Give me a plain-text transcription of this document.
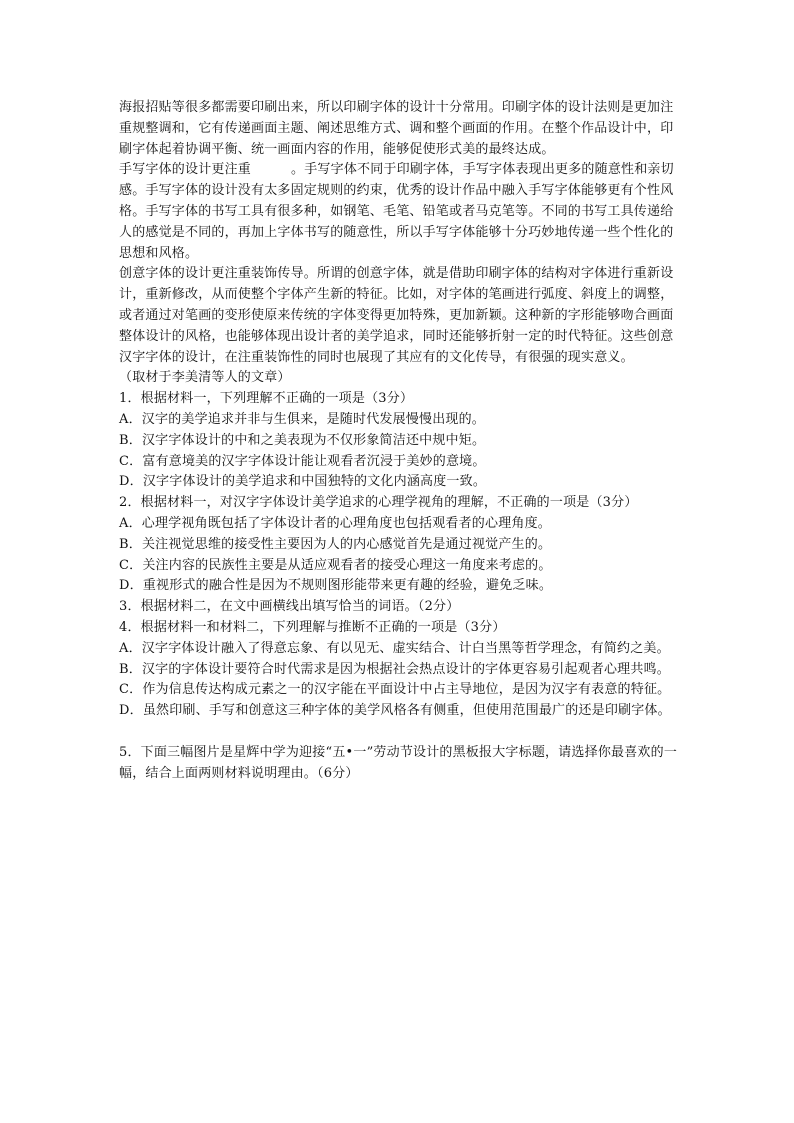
海报招贴等很多都需要印刷出来，所以印刷字体的设计十分常用。印刷字体的设计法则是更加注重规整调和，它有传递画面主题、阐述思维方式、调和整个画面的作用。在整个作品设计中，印刷字体起着协调平衡、统一画面内容的作用，能够促使形式美的最终达成。

手写字体的设计更注重	。手写字体不同于印刷字体，手写字体表现出更多的随意性和亲切感。手写字体的设计没有太多固定规则的约束，优秀的设计作品中融入手写字体能够更有个性风格。手写字体的书写工具有很多种，如钢笔、毛笔、铅笔或者马克笔等。不同的书写工具传递给人的感觉是不同的，再加上字体书写的随意性，所以手写字体能够十分巧妙地传递一些个性化的思想和风格。

创意字体的设计更注重装饰传导。所谓的创意字体，就是借助印刷字体的结构对字体进行重新设计，重新修改，从而使整个字体产生新的特征。比如，对字体的笔画进行弧度、斜度上的调整，或者通过对笔画的变形使原来传统的字体变得更加特殊，更加新颖。这种新的字形能够吻合画面整体设计的风格，也能够体现出设计者的美学追求，同时还能够折射一定的时代特征。这些创意汉字字体的设计，在注重装饰性的同时也展现了其应有的文化传导，有很强的现实意义。

（取材于李美清等人的文章）

1．根据材料一，下列理解不正确的一项是（3分）

A．汉字的美学追求并非与生俱来，是随时代发展慢慢出现的。

B．汉字字体设计的中和之美表现为不仅形象简洁还中规中矩。

C．富有意境美的汉字字体设计能让观看者沉浸于美妙的意境。

D．汉字字体设计的美学追求和中国独特的文化内涵高度一致。

2．根据材料一，对汉字字体设计美学追求的心理学视角的理解，不正确的一项是（3分）

A．心理学视角既包括了字体设计者的心理角度也包括观看者的心理角度。

B．关注视觉思维的接受性主要因为人的内心感觉首先是通过视觉产生的。

C．关注内容的民族性主要是从适应观看者的接受心理这一角度来考虑的。

D．重视形式的融合性是因为不规则图形能带来更有趣的经验，避免乏味。

3．根据材料二，在文中画横线出填写恰当的词语。（2分）

4．根据材料一和材料二，下列理解与推断不正确的一项是（3分）

A．汉字字体设计融入了得意忘象、有以见无、虚实结合、计白当黑等哲学理念，有简约之美。

B．汉字的字体设计要符合时代需求是因为根据社会热点设计的字体更容易引起观者心理共鸣。

C．作为信息传达构成元素之一的汉字能在平面设计中占主导地位，是因为汉字有表意的特征。

D．虽然印刷、手写和创意这三种字体的美学风格各有侧重，但使用范围最广的还是印刷字体。

5．下面三幅图片是星辉中学为迎接“五•一”劳动节设计的黑板报大字标题，请选择你最喜欢的一幅，结合上面两则材料说明理由。（6分）
